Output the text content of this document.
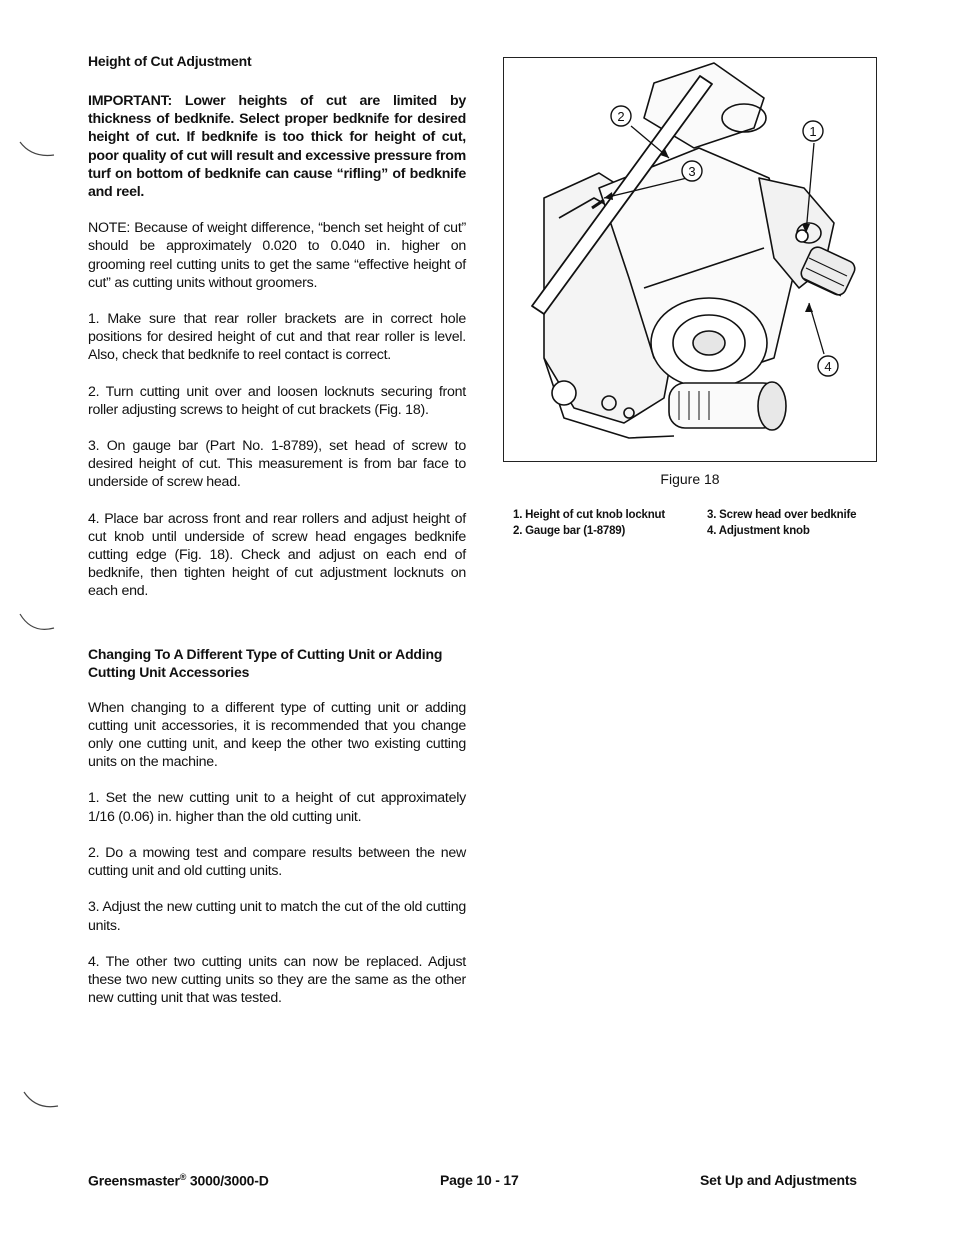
Height of Cut Adjustment

IMPORTANT: Lower heights of cut are limited by thickness of bedknife. Select proper bedknife for desired height of cut. If bedknife is too thick for height of cut, poor quality of cut will result and excessive pressure from turf on bottom of bedknife can cause “rifling” of bedknife and reel.

NOTE: Because of weight difference, “bench set height of cut” should be approximately 0.020 to 0.040 in. higher on grooming reel cutting units to get the same “effective height of cut” as cutting units without groomers.

1. Make sure that rear roller brackets are in correct hole positions for desired height of cut and that rear roller is level. Also, check that bedknife to reel contact is correct.

2. Turn cutting unit over and loosen locknuts securing front roller adjusting screws to height of cut brackets (Fig. 18).

3. On gauge bar (Part No. 1-8789), set head of screw to desired height of cut. This measurement is from bar face to underside of screw head.

4. Place bar across front and rear rollers and adjust height of cut knob until underside of screw head engages bedknife cutting edge (Fig. 18). Check and adjust on each end of bedknife, then tighten height of cut adjustment locknuts on each end.

Changing To A Different Type of Cutting Unit or Adding Cutting Unit Accessories

When changing to a different type of cutting unit or adding cutting unit accessories, it is recommended that you change only one cutting unit, and keep the other two existing cutting units on the machine.

1. Set the new cutting unit to a height of cut approximately 1/16 (0.06) in. higher than the old cutting unit.

2. Do a mowing test and compare results between the new cutting unit and old cutting units.

3. Adjust the new cutting unit to match the cut of the old cutting units.

4. The other two cutting units can now be replaced. Adjust these two new cutting units so they are the same as the other new cutting unit that was tested.

2
3
1
4
Figure 18
1. Height of cut knob locknut
2. Gauge bar (1-8789)
3. Screw head over bedknife
4. Adjustment knob
Greensmaster® 3000/3000-D	Page 10 - 17	Set Up and Adjustments
